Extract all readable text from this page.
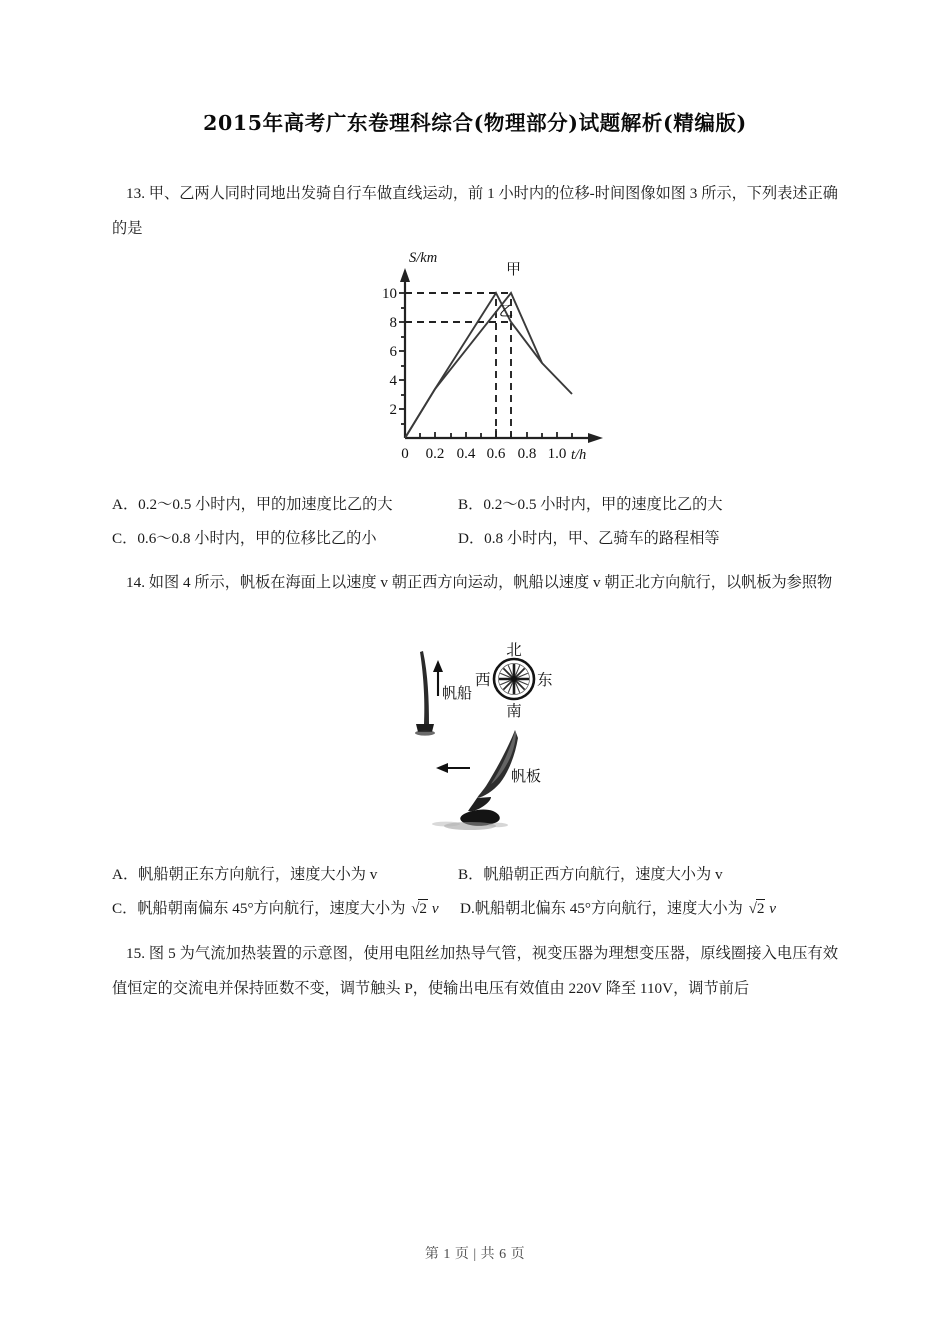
2015年高考广东卷理科综合(物理部分)试题解析(精编版)
13. 甲、乙两人同时同地出发骑自行车做直线运动，前 1 小时内的位移-时间图像如图 3 所示，下列表述正确的是
甲
乙
S/km
t/h
10
8
6
4
2
0 0.2 0.4 0.6 0.8 1.0
A．0.2～0.5 小时内，甲的加速度比乙的大	B．0.2～0.5 小时内，甲的速度比乙的大
C．0.6～0.8 小时内，甲的位移比乙的小	D．0.8 小时内，甲、乙骑车的路程相等
14. 如图 4 所示，帆板在海面上以速度 v 朝正西方向运动，帆船以速度 v 朝正北方向航行，以帆板为参照物
帆船
北
南
东
西
帆板
A．帆船朝正东方向航行，速度大小为 v	B．帆船朝正西方向航行，速度大小为 v
C．帆船朝南偏东 45°方向航行，速度大小为 √2 v D.帆船朝北偏东 45°方向航行，速度大小为 √2 v
15. 图 5 为气流加热装置的示意图，使用电阻丝加热导气管，视变压器为理想变压器，原线圈接入电压有效值恒定的交流电并保持匝数不变，调节触头 P，使输出电压有效值由 220V 降至 110V，调节前后
第 1 页 | 共 6 页
